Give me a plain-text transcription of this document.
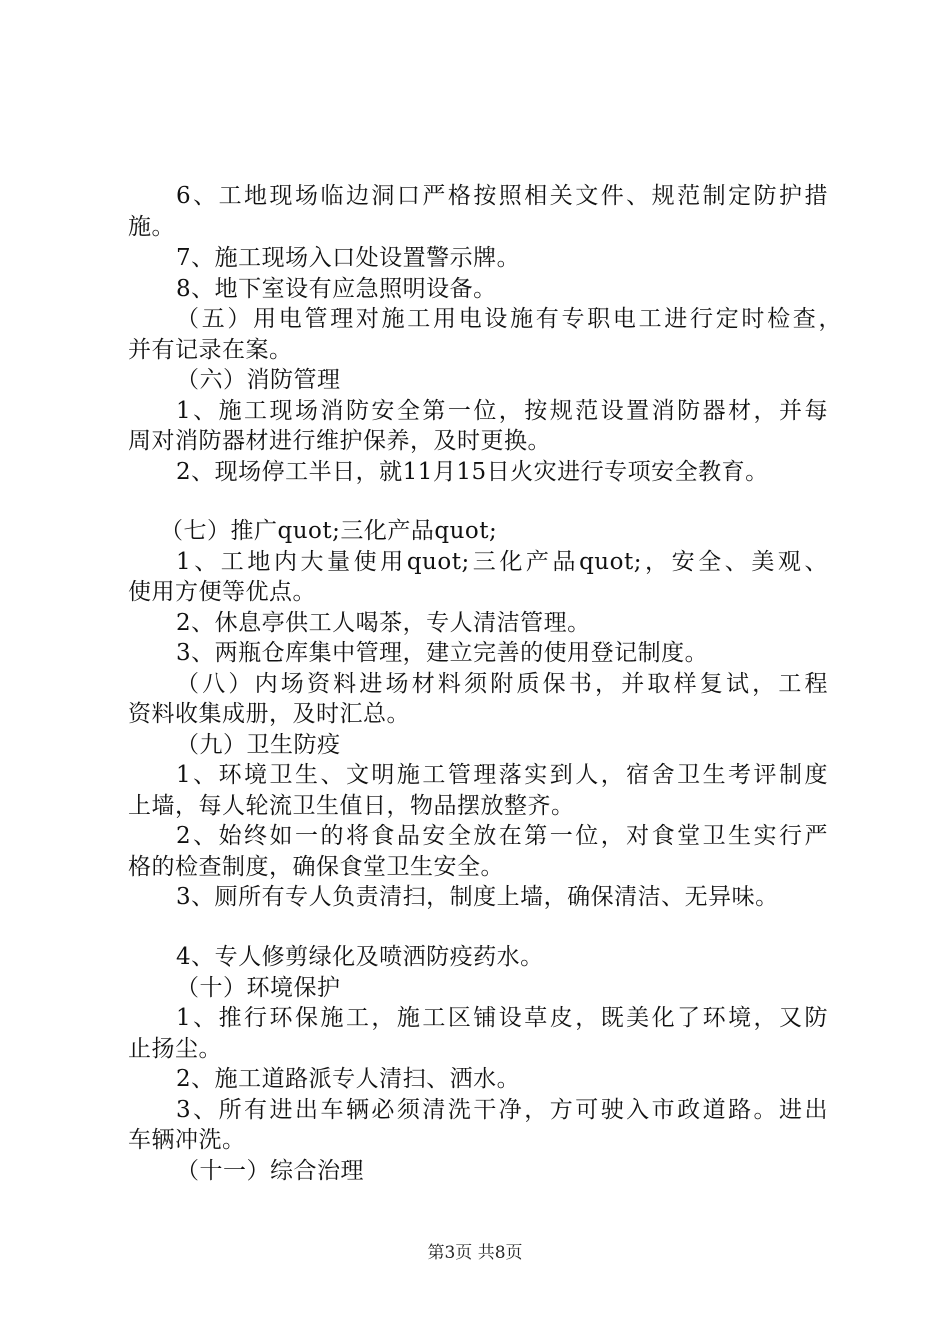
6、工地现场临边洞口严格按照相关文件、规范制定防护措
施。
7、施工现场入口处设置警示牌。
8、地下室设有应急照明设备。
（五）用电管理对施工用电设施有专职电工进行定时检查，
并有记录在案。
（六）消防管理
1、施工现场消防安全第一位，按规范设置消防器材，并每
周对消防器材进行维护保养，及时更换。
2、现场停工半日，就11月15日火灾进行专项安全教育。
（七）推广quot;三化产品quot;
1、工地内大量使用quot;三化产品quot;，安全、美观、
使用方便等优点。
2、休息亭供工人喝茶，专人清洁管理。
3、两瓶仓库集中管理，建立完善的使用登记制度。
（八）内场资料进场材料须附质保书，并取样复试，工程
资料收集成册，及时汇总。
（九）卫生防疫
1、环境卫生、文明施工管理落实到人，宿舍卫生考评制度
上墙，每人轮流卫生值日，物品摆放整齐。
2、始终如一的将食品安全放在第一位，对食堂卫生实行严
格的检查制度，确保食堂卫生安全。
3、厕所有专人负责清扫，制度上墙，确保清洁、无异味。
4、专人修剪绿化及喷洒防疫药水。
（十）环境保护
1、推行环保施工，施工区铺设草皮，既美化了环境，又防
止扬尘。
2、施工道路派专人清扫、洒水。
3、所有进出车辆必须清洗干净，方可驶入市政道路。进出
车辆冲洗。
（十一）综合治理
第3页 共8页
